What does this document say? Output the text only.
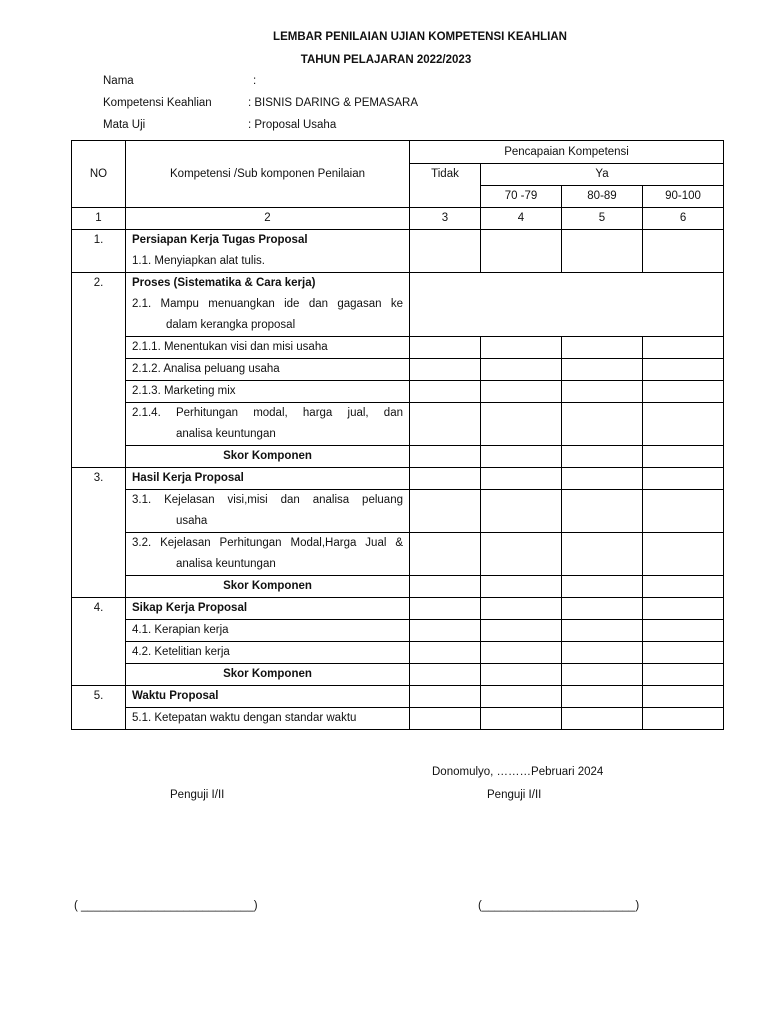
LEMBAR PENILAIAN UJIAN KOMPETENSI KEAHLIAN
TAHUN PELAJARAN 2022/2023
Nama	:
Kompetensi Keahlian	: BISNIS DARING & PEMASARA
Mata Uji	: Proposal Usaha
NO	Kompetensi /Sub komponen Penilaian	Pencapaian Kompetensi			
		Tidak	Ya		
			70 -79	80-89	90-100
1	2	3	4	5	6
1.	Persiapan Kerja Tugas Proposal				
	1.1. Menyiapkan alat tulis.				
2.	Proses (Sistematika & Cara kerja)				
	2.1. Mampu menuangkan ide dan gagasan ke				
	dalam kerangka proposal				
	2.1.1. Menentukan visi dan misi usaha				
	2.1.2. Analisa peluang usaha				
	2.1.3. Marketing mix				
	2.1.4. Perhitungan modal, harga jual, dan				
	analisa keuntungan				
	Skor Komponen				
3.	Hasil Kerja Proposal				
	3.1. Kejelasan visi,misi dan analisa peluang				
	usaha				
	3.2. Kejelasan Perhitungan Modal,Harga Jual &				
	analisa keuntungan				
	Skor Komponen				
4.	Sikap Kerja Proposal				
	4.1. Kerapian kerja				
	4.2. Ketelitian kerja				
	Skor Komponen				
5.	Waktu Proposal				
	5.1. Ketepatan waktu dengan standar waktu				
Donomulyo, ………Pebruari 2024
Penguji I/II	Penguji I/II
( ___________________________)	(________________________)
